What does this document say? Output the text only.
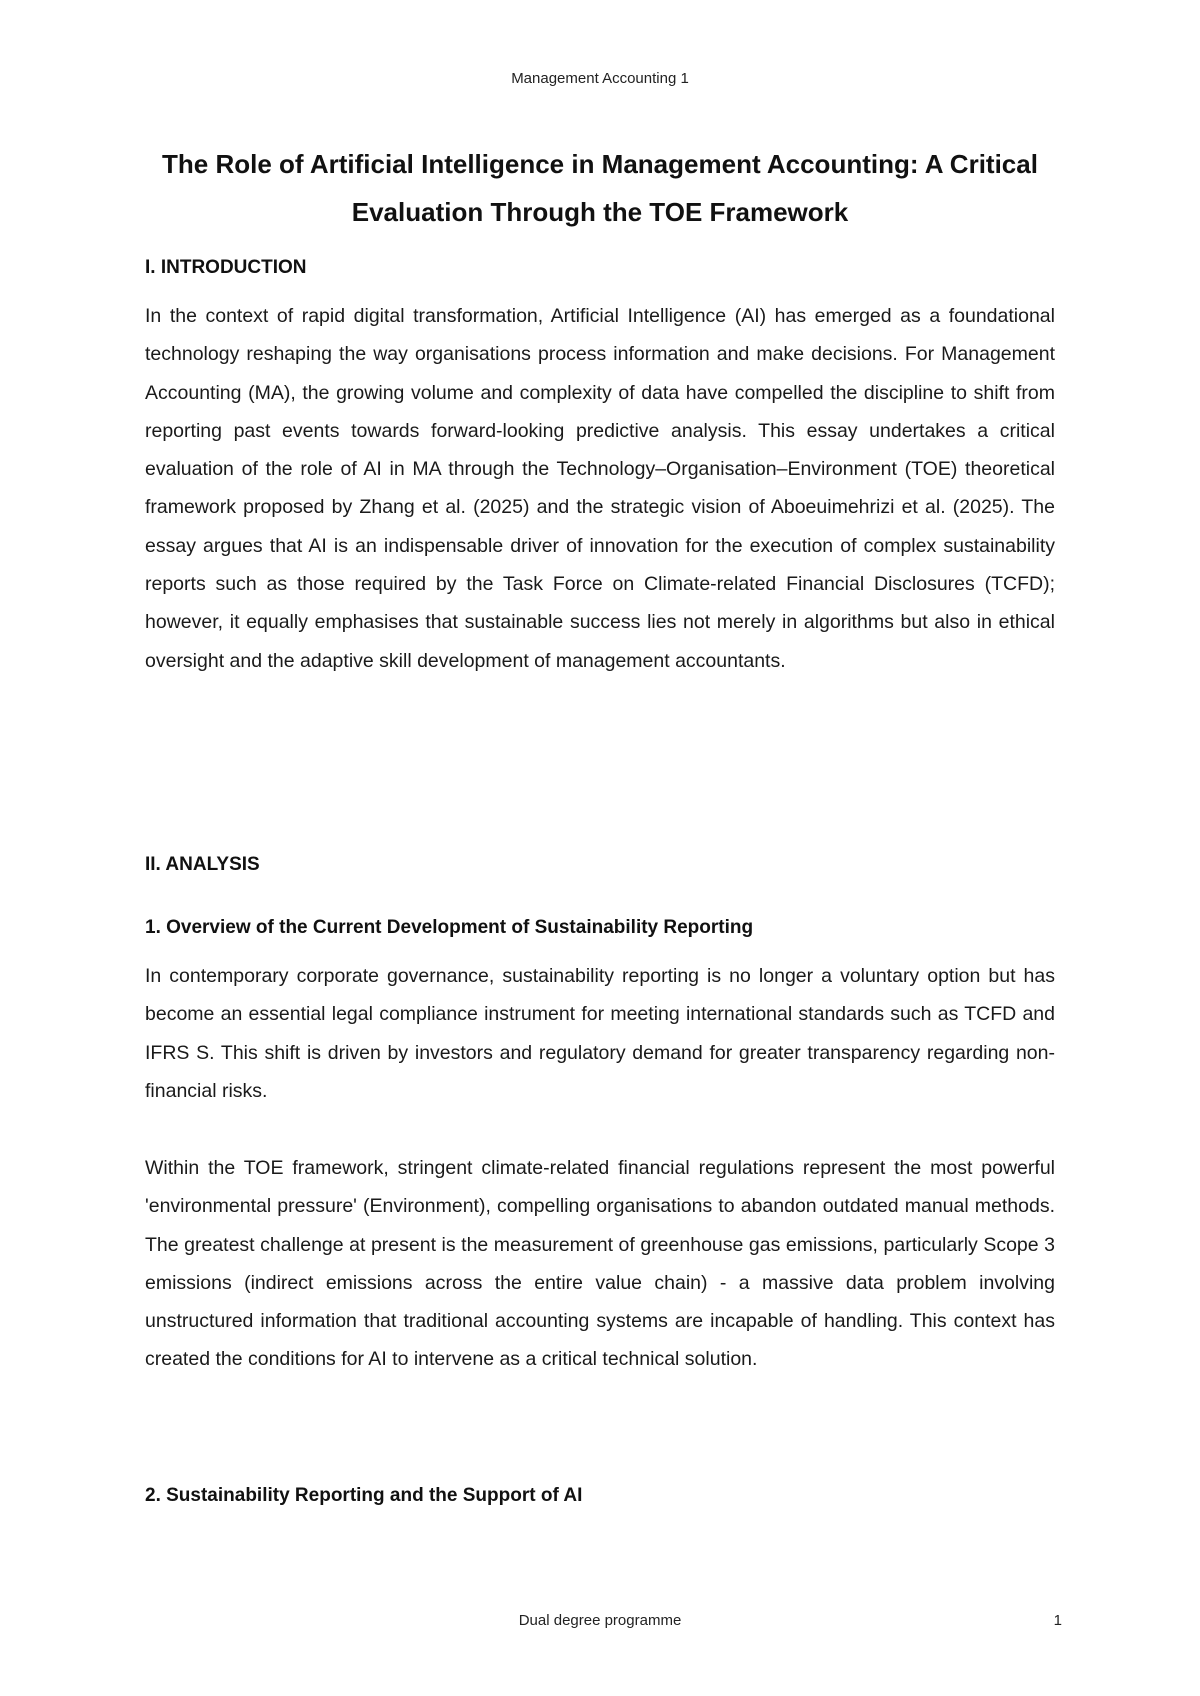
Management Accounting 1
The Role of Artificial Intelligence in Management Accounting: A Critical Evaluation Through the TOE Framework
I. INTRODUCTION

In the context of rapid digital transformation, Artificial Intelligence (AI) has emerged as a foundational technology reshaping the way organisations process information and make decisions. For Management Accounting (MA), the growing volume and complexity of data have compelled the discipline to shift from reporting past events towards forward-looking predictive analysis. This essay undertakes a critical evaluation of the role of AI in MA through the Technology–Organisation–Environment (TOE) theoretical framework proposed by Zhang et al. (2025) and the strategic vision of Aboeuimehrizi et al. (2025). The essay argues that AI is an indispensable driver of innovation for the execution of complex sustainability reports such as those required by the Task Force on Climate-related Financial Disclosures (TCFD); however, it equally emphasises that sustainable success lies not merely in algorithms but also in ethical oversight and the adaptive skill development of management accountants.

II. ANALYSIS
1. Overview of the Current Development of Sustainability Reporting

In contemporary corporate governance, sustainability reporting is no longer a voluntary option but has become an essential legal compliance instrument for meeting international standards such as TCFD and IFRS S. This shift is driven by investors and regulatory demand for greater transparency regarding non-financial risks.

Within the TOE framework, stringent climate-related financial regulations represent the most powerful 'environmental pressure' (Environment), compelling organisations to abandon outdated manual methods. The greatest challenge at present is the measurement of greenhouse gas emissions, particularly Scope 3 emissions (indirect emissions across the entire value chain) - a massive data problem involving unstructured information that traditional accounting systems are incapable of handling. This context has created the conditions for AI to intervene as a critical technical solution.

2. Sustainability Reporting and the Support of AI
Dual degree programme	1
